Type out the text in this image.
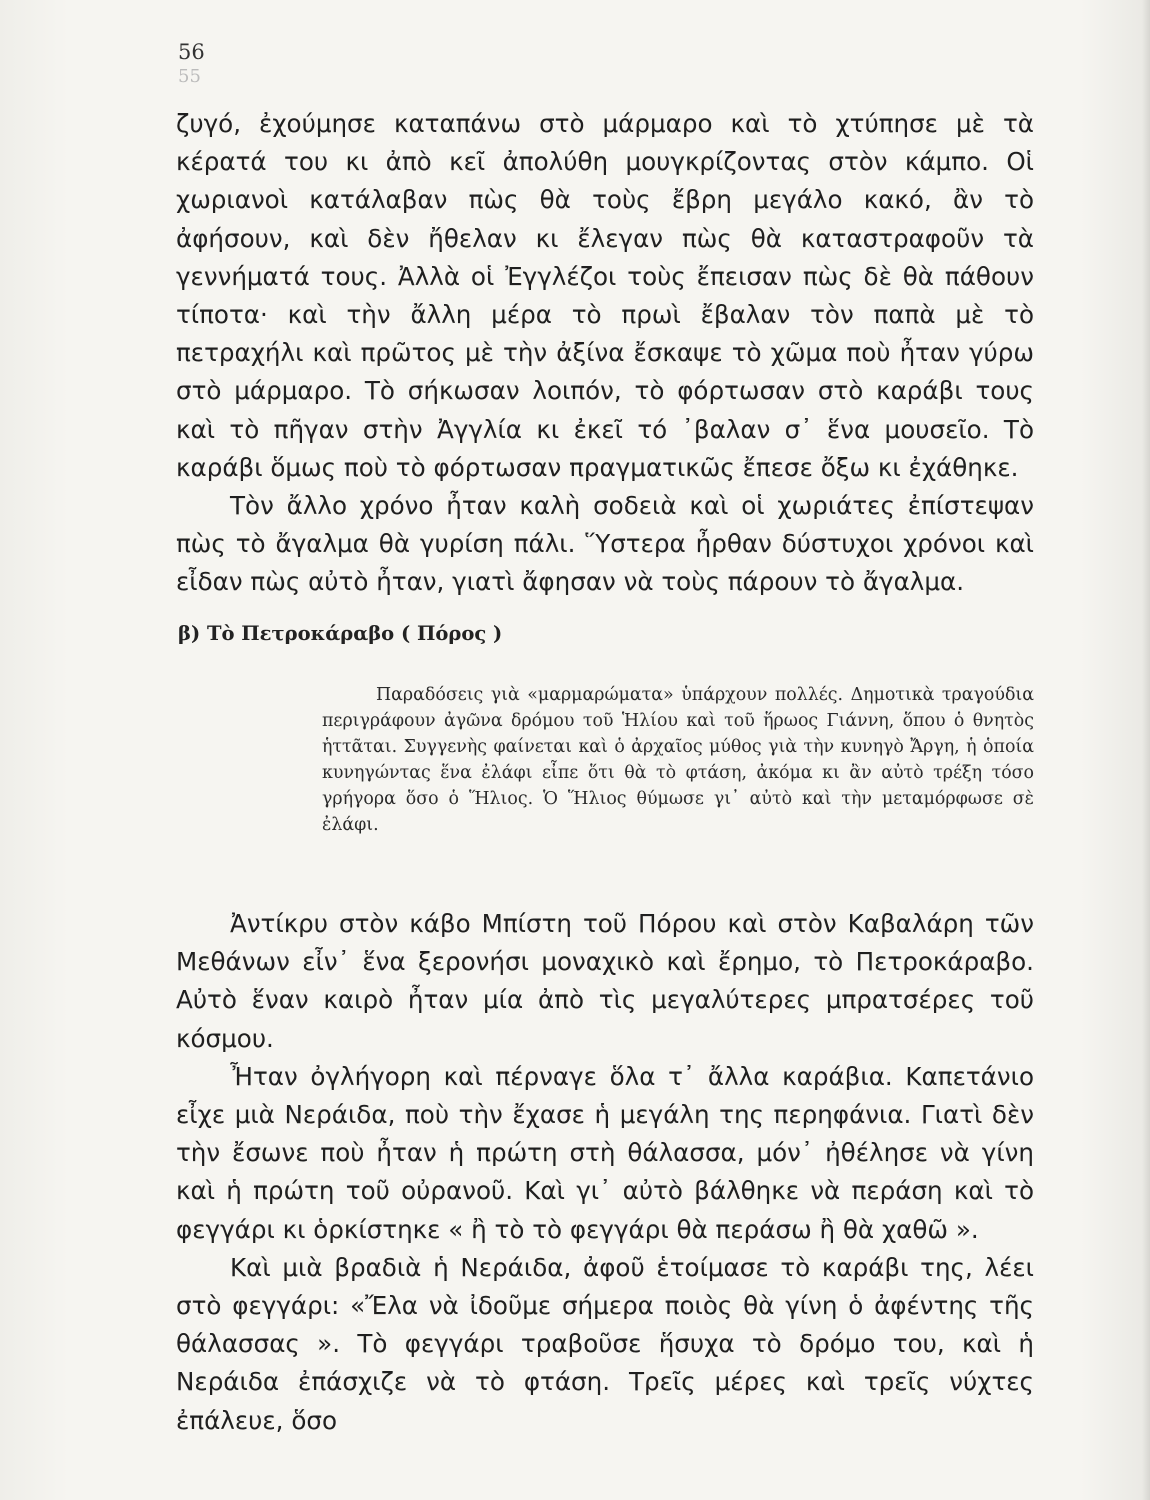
56
55

ζυγό, ἐχούμησε καταπάνω στὸ μάρμαρο καὶ τὸ χτύπησε μὲ τὰ κέρατά του κι ἀπὸ κεῖ ἀπολύθη μουγκρίζοντας στὸν κάμπο. Οἱ χωριανοὶ κατάλαβαν πὼς θὰ τοὺς ἔβρη μεγάλο κακό, ἂν τὸ ἀφήσουν, καὶ δὲν ἤθελαν κι ἔλεγαν πὼς θὰ καταστραφοῦν τὰ γεννήματά τους. Ἀλλὰ οἱ Ἐγγλέζοι τοὺς ἔπεισαν πὼς δὲ θὰ πάθουν τίποτα· καὶ τὴν ἄλλη μέρα τὸ πρωὶ ἔβαλαν τὸν παπὰ μὲ τὸ πετραχήλι καὶ πρῶτος μὲ τὴν ἀξίνα ἔσκαψε τὸ χῶμα ποὺ ἦταν γύρω στὸ μάρμαρο. Τὸ σήκωσαν λοιπόν, τὸ φόρτωσαν στὸ καράβι τους καὶ τὸ πῆγαν στὴν Ἀγγλία κι ἐκεῖ τό ᾽βαλαν σ᾽ ἕνα μουσεῖο. Τὸ καράβι ὅμως ποὺ τὸ φόρτωσαν πραγματικῶς ἔπεσε ὄξω κι ἐχάθηκε.

Τὸν ἄλλο χρόνο ἦταν καλὴ σοδειὰ καὶ οἱ χωριάτες ἐπίστεψαν πὼς τὸ ἄγαλμα θὰ γυρίση πάλι. Ὕστερα ἦρθαν δύστυχοι χρόνοι καὶ εἶδαν πὼς αὐτὸ ἦταν, γιατὶ ἄφησαν νὰ τοὺς πάρουν τὸ ἄγαλμα.

β) Τὸ Πετροκάραβο ( Πόρος )

Παραδόσεις γιὰ «μαρμαρώματα» ὑπάρχουν πολλές. Δημοτικὰ τραγούδια περιγράφουν ἀγῶνα δρόμου τοῦ Ἡλίου καὶ τοῦ ἥρωος Γιάννη, ὅπου ὁ θνητὸς ἡττᾶται. Συγγενὴς φαίνεται καὶ ὁ ἀρχαῖος μύθος γιὰ τὴν κυνηγὸ Ἄργη, ἡ ὁποία κυνηγώντας ἕνα ἐλάφι εἶπε ὅτι θὰ τὸ φτάση, ἀκόμα κι ἂν αὐτὸ τρέξη τόσο γρήγορα ὅσο ὁ Ἥλιος. Ὁ Ἥλιος θύμωσε γι᾽ αὐτὸ καὶ τὴν μεταμόρφωσε σὲ ἐλάφι.

Ἀντίκρυ στὸν κάβο Μπίστη τοῦ Πόρου καὶ στὸν Καβαλάρη τῶν Μεθάνων εἶν᾽ ἕνα ξερονήσι μοναχικὸ καὶ ἔρημο, τὸ Πετροκάραβο. Αὐτὸ ἕναν καιρὸ ἦταν μία ἀπὸ τὶς μεγαλύτερες μπρατσέρες τοῦ κόσμου.

Ἦταν ὀγλήγορη καὶ πέρναγε ὅλα τ᾽ ἄλλα καράβια. Καπετάνιο εἶχε μιὰ Νεράιδα, ποὺ τὴν ἔχασε ἡ μεγάλη της περηφάνια. Γιατὶ δὲν τὴν ἔσωνε ποὺ ἦταν ἡ πρώτη στὴ θάλασσα, μόν᾽ ἠθέλησε νὰ γίνη καὶ ἡ πρώτη τοῦ οὐρανοῦ. Καὶ γι᾽ αὐτὸ βάλθηκε νὰ περάση καὶ τὸ φεγγάρι κι ὁρκίστηκε « ἢ τὸ τὸ φεγγάρι θὰ περάσω ἢ θὰ χαθῶ ».

Καὶ μιὰ βραδιὰ ἡ Νεράιδα, ἀφοῦ ἑτοίμασε τὸ καράβι της, λέει στὸ φεγγάρι: «Ἔλα νὰ ἰδοῦμε σήμερα ποιὸς θὰ γίνη ὁ ἀφέντης τῆς θάλασσας ». Τὸ φεγγάρι τραβοῦσε ἥσυχα τὸ δρόμο του, καὶ ἡ Νεράιδα ἐπάσχιζε νὰ τὸ φτάση. Τρεῖς μέρες καὶ τρεῖς νύχτες ἐπάλευε, ὅσο
